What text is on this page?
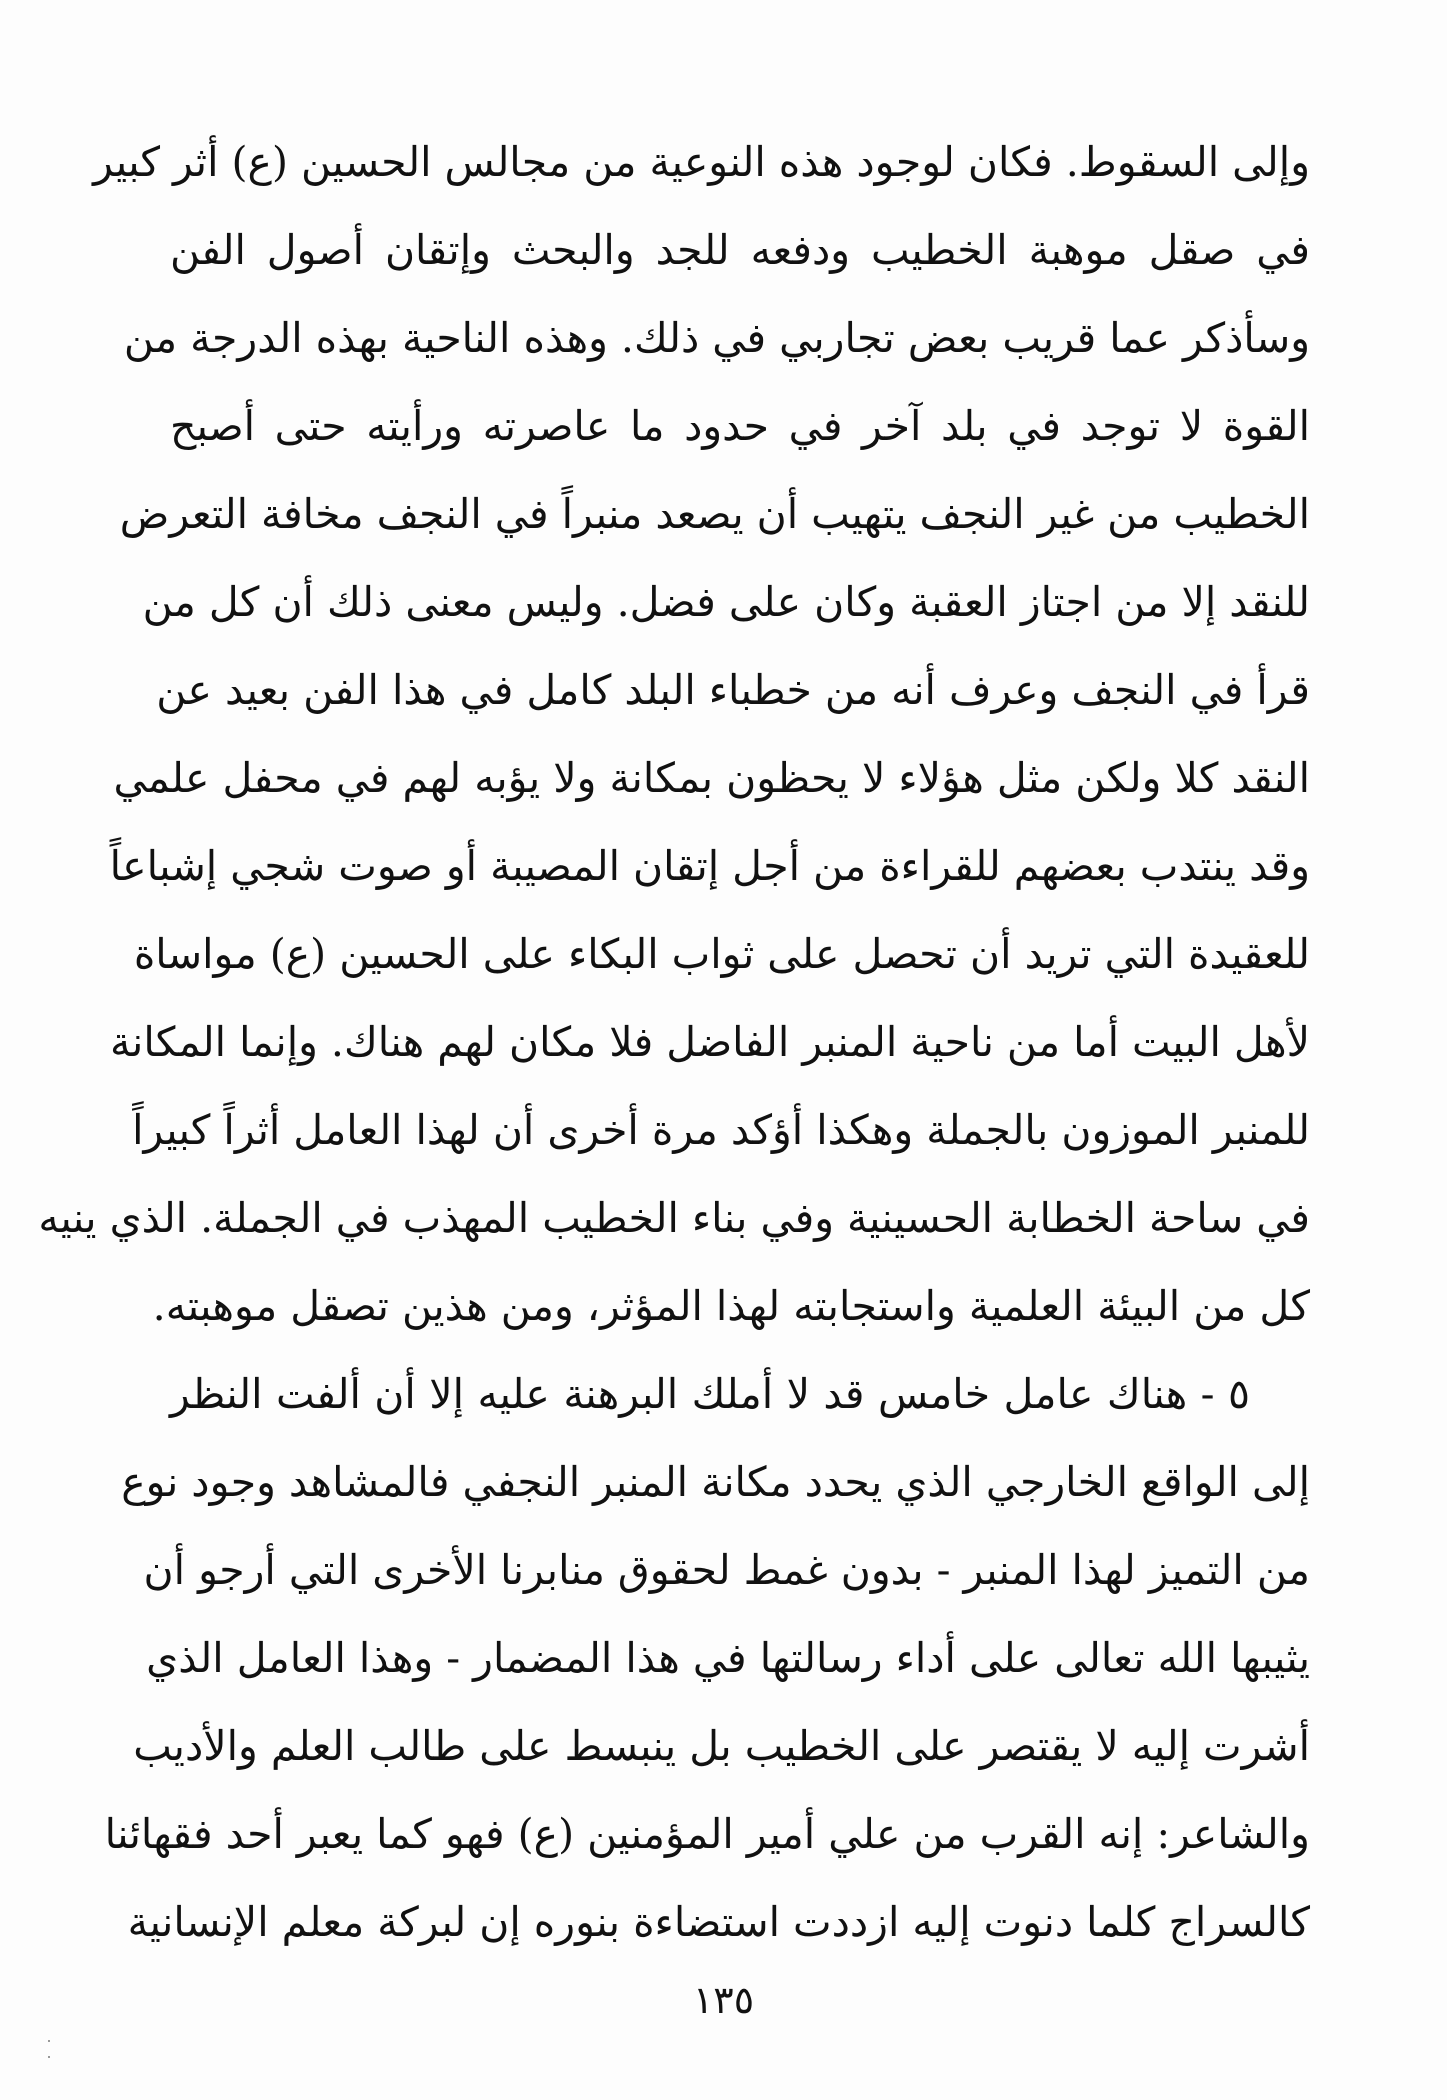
وإلى السقوط. فكان لوجود هذه النوعية من مجالس الحسين (ع) أثر كبير
في صقل موهبة الخطيب ودفعه للجد والبحث وإتقان أصول الفن
وسأذكر عما قريب بعض تجاربي في ذلك. وهذه الناحية بهذه الدرجة من
القوة لا توجد في بلد آخر في حدود ما عاصرته ورأيته حتى أصبح
الخطيب من غير النجف يتهيب أن يصعد منبراً في النجف مخافة التعرض
للنقد إلا من اجتاز العقبة وكان على فضل. وليس معنى ذلك أن كل من
قرأ في النجف وعرف أنه من خطباء البلد كامل في هذا الفن بعيد عن
النقد كلا ولكن مثل هؤلاء لا يحظون بمكانة ولا يؤبه لهم في محفل علمي
وقد ينتدب بعضهم للقراءة من أجل إتقان المصيبة أو صوت شجي إشباعاً
للعقيدة التي تريد أن تحصل على ثواب البكاء على الحسين (ع) مواساة
لأهل البيت أما من ناحية المنبر الفاضل فلا مكان لهم هناك. وإنما المكانة
للمنبر الموزون بالجملة وهكذا أؤكد مرة أخرى أن لهذا العامل أثراً كبيراً
في ساحة الخطابة الحسينية وفي بناء الخطيب المهذب في الجملة. الذي ينيه
كل من البيئة العلمية واستجابته لهذا المؤثر، ومن هذين تصقل موهبته.
٥ - هناك عامل خامس قد لا أملك البرهنة عليه إلا أن ألفت النظر
إلى الواقع الخارجي الذي يحدد مكانة المنبر النجفي فالمشاهد وجود نوع
من التميز لهذا المنبر - بدون غمط لحقوق منابرنا الأخرى التي أرجو أن
يثيبها الله تعالى على أداء رسالتها في هذا المضمار - وهذا العامل الذي
أشرت إليه لا يقتصر على الخطيب بل ينبسط على طالب العلم والأديب
والشاعر: إنه القرب من علي أمير المؤمنين (ع) فهو كما يعبر أحد فقهائنا
كالسراج كلما دنوت إليه ازددت استضاءة بنوره إن لبركة معلم الإنسانية
١٣٥
